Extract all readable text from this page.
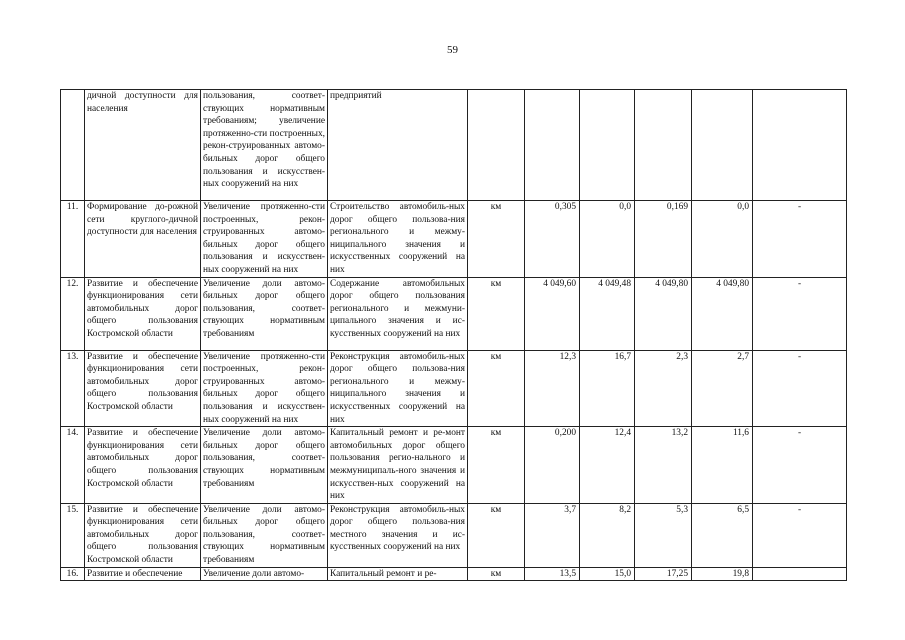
59
	дичной доступности для населения	пользования, соответ-ствующих нормативным требованиям; увеличение протяженно-сти построенных, рекон-струированных автомо-бильных дорог общего пользования и искусствен-ных сооружений на них	предприятий						
11.	Формирование до-рожной сети круглого-дичной доступности для населения	Увеличение протяженно-сти построенных, рекон-струированных автомо-бильных дорог общего пользования и искусствен-ных сооружений на них	Строительство автомобиль-ных дорог общего пользова-ния регионального и межму-ниципального значения и искусственных сооружений на них	км	0,305	0,0	0,169	0,0	-
12.	Развитие и обеспечение функционирования сети автомобильных дорог общего пользования Костромской области	Увеличение доли автомо-бильных дорог общего пользования, соответ-ствующих нормативным требованиям	Содержание автомобильных дорог общего пользования регионального и межмуни-ципального значения и ис-кусственных сооружений на них	км	4 049,60	4 049,48	4 049,80	4 049,80	-
13.	Развитие и обеспечение функционирования сети автомобильных дорог общего пользования Костромской области	Увеличение протяженно-сти построенных, рекон-струированных автомо-бильных дорог общего пользования и искусствен-ных сооружений на них	Реконструкция автомобиль-ных дорог общего пользова-ния регионального и межму-ниципального значения и искусственных сооружений на них	км	12,3	16,7	2,3	2,7	-
14.	Развитие и обеспечение функционирования сети автомобильных дорог общего пользования Костромской области	Увеличение доли автомо-бильных дорог общего пользования, соответ-ствующих нормативным требованиям	Капитальный ремонт и ре-монт автомобильных дорог общего пользования регио-нального и межмуниципаль-ного значения и искусствен-ных сооружений на них	км	0,200	12,4	13,2	11,6	-
15.	Развитие и обеспечение функционирования сети автомобильных дорог общего пользования Костромской области	Увеличение доли автомо-бильных дорог общего пользования, соответ-ствующих нормативным требованиям	Реконструкция автомобиль-ных дорог общего пользова-ния местного значения и ис-кусственных сооружений на них	км	3,7	8,2	5,3	6,5	-
16.	Развитие и обеспечение	Увеличение доли автомо-	Капитальный ремонт и ре-	км	13,5	15,0	17,25	19,8	
